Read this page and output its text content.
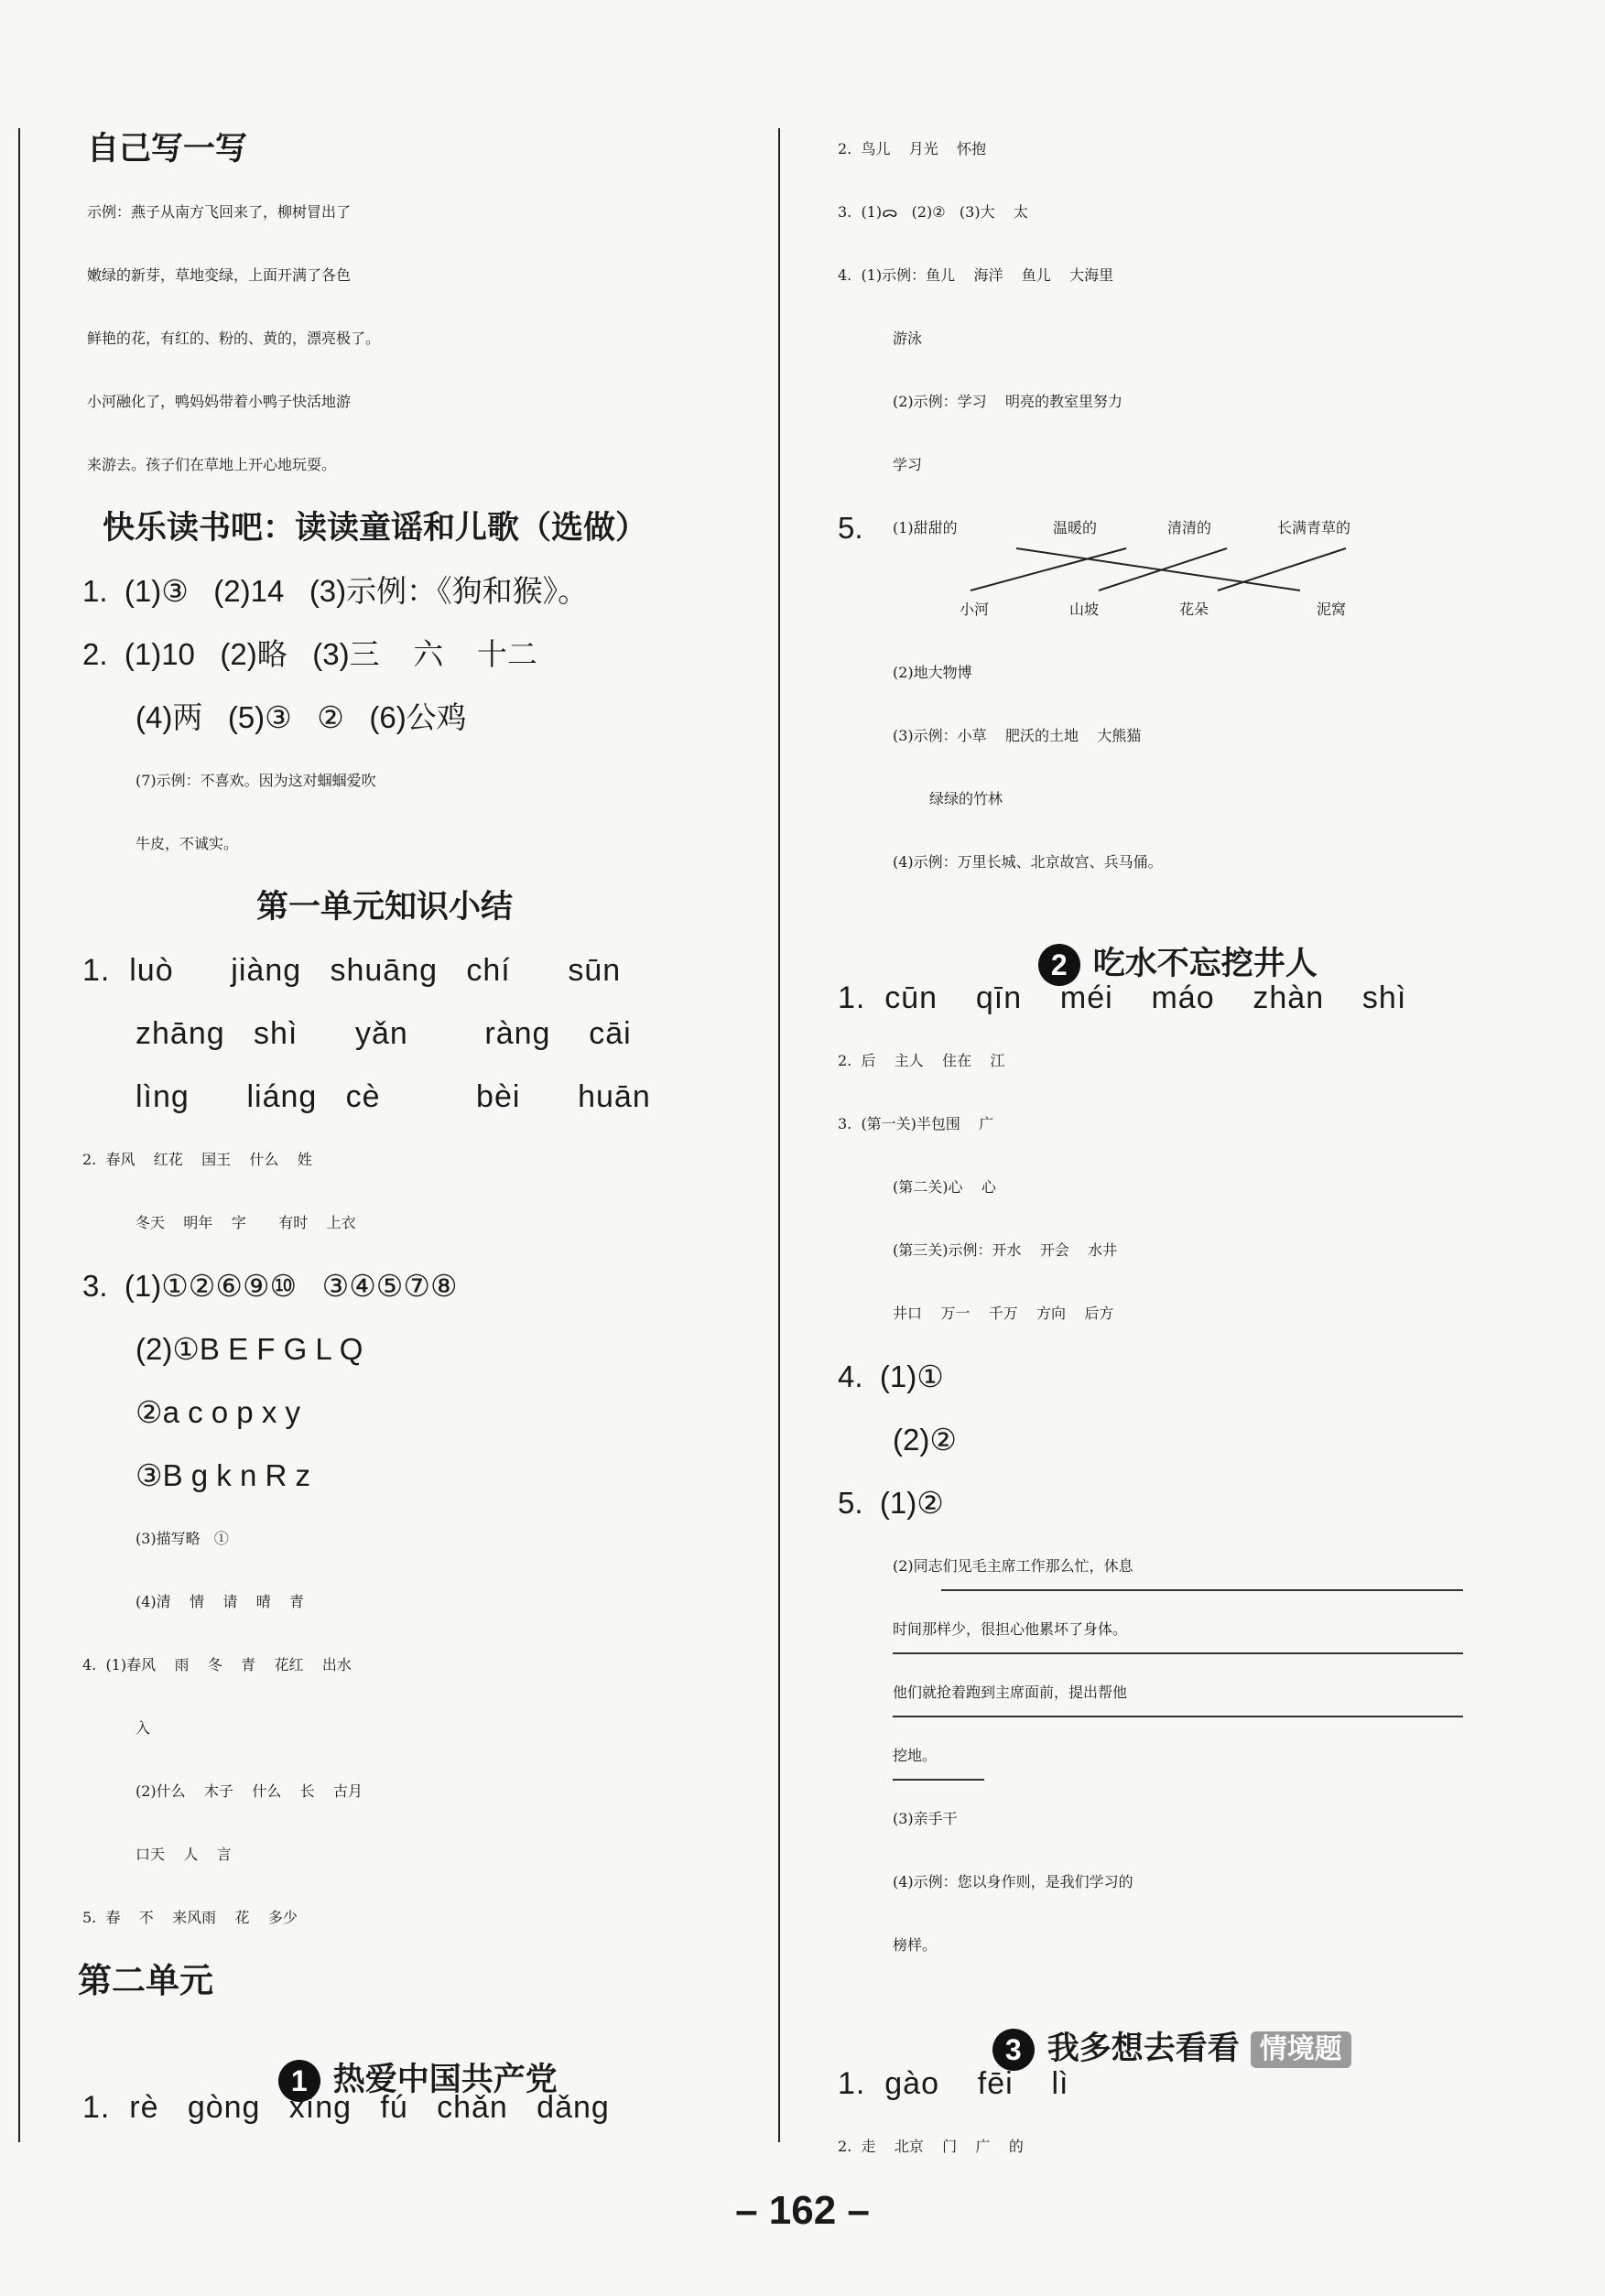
自己写一写
示例：燕子从南方飞回来了，柳树冒出了
嫩绿的新芽，草地变绿，上面开满了各色
鲜艳的花，有红的、粉的、黄的，漂亮极了。
小河融化了，鸭妈妈带着小鸭子快活地游
来游去。孩子们在草地上开心地玩耍。
快乐读书吧：读读童谣和儿歌（选做）
1.  (1)③   (2)14   (3)示例：《狗和猴》。
2.  (1)10   (2)略   (3)三    六    十二
(4)两   (5)③   ②   (6)公鸡
(7)示例：不喜欢。因为这对蝈蝈爱吹
牛皮，不诚实。
第一单元知识小结
1.  luò      jiàng   shuāng   chí      sūn
zhāng   shì      yǎn        ràng    cāi
lìng      liáng   cè          bèi      huān
2.  春风    红花    国王    什么    姓
冬天    明年    字       有时    上衣
3.  (1)①②⑥⑨⑩   ③④⑤⑦⑧
(2)①B E F G L Q
②a c o p x y
③B g k n R z
(3)描写略   ①
(4)清    情    请    晴    青
4.  (1)春风    雨    冬    青    花红    出水
入
(2)什么    木子    什么    长    古月
口天    人    言
5.  春    不    来风雨    花    多少
第二单元

1 热爱中国共产党

1.  rè   gòng   xìng   fú   chǎn   dǎng
2.  鸟儿    月光    怀抱
3.  (1)ᯅ   (2)②   (3)大    太
4.  (1)示例：鱼儿    海洋    鱼儿    大海里
游泳
(2)示例：学习    明亮的教室里努力
学习
5. (1)甜甜的	温暖的	清清的	长满青草的
小河	山坡	花朵	泥窝
(2)地大物博
(3)示例：小草    肥沃的土地    大熊猫
绿绿的竹林
(4)示例：万里长城、北京故宫、兵马俑。

2 吃水不忘挖井人

1.  cūn    qīn    méi    máo    zhàn    shì
2.  后    主人    住在    江
3.  (第一关)半包围    广
(第二关)心    心
(第三关)示例：开水    开会    水井
井口    万一    千万    方向    后方
4.  (1)①
(2)②
5.  (1)②
(2)同志们见毛主席工作那么忙，休息
时间那样少，很担心他累坏了身体。
他们就抢着跑到主席面前，提出帮他
挖地。
(3)亲手干
(4)示例：您以身作则，是我们学习的
榜样。

3 我多想去看看 情境题

1.  gào    fēi    lì
2.  走    北京    门    广    的
– 162 –
